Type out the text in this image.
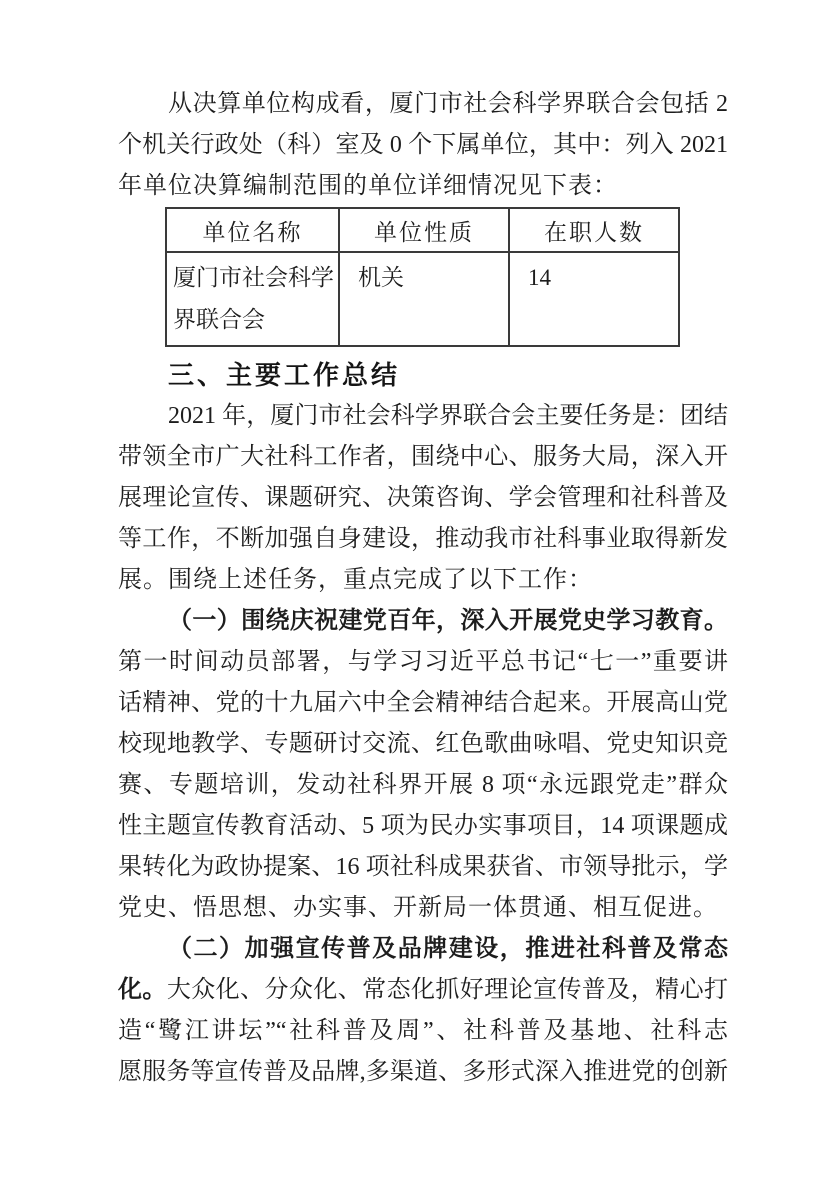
从决算单位构成看，厦门市社会科学界联合会包括 2
个机关行政处（科）室及 0 个下属单位，其中：列入 2021
年单位决算编制范围的单位详细情况见下表：
单位名称	单位性质	在职人数
厦门市社会科学界联合会	机关	14
三、主要工作总结
2021 年，厦门市社会科学界联合会主要任务是：团结
带领全市广大社科工作者，围绕中心、服务大局，深入开
展理论宣传、课题研究、决策咨询、学会管理和社科普及
等工作，不断加强自身建设，推动我市社科事业取得新发
展。围绕上述任务，重点完成了以下工作：
（一）围绕庆祝建党百年，深入开展党史学习教育。
第一时间动员部署，与学习习近平总书记“七一”重要讲
话精神、党的十九届六中全会精神结合起来。开展高山党
校现地教学、专题研讨交流、红色歌曲咏唱、党史知识竞
赛、专题培训，发动社科界开展 8 项“永远跟党走”群众
性主题宣传教育活动、5 项为民办实事项目，14 项课题成
果转化为政协提案、16 项社科成果获省、市领导批示，学
党史、悟思想、办实事、开新局一体贯通、相互促进。
（二）加强宣传普及品牌建设，推进社科普及常态
化。大众化、分众化、常态化抓好理论宣传普及，精心打
造“鹭江讲坛”“社科普及周”、社科普及基地、社科志
愿服务等宣传普及品牌,多渠道、多形式深入推进党的创新
